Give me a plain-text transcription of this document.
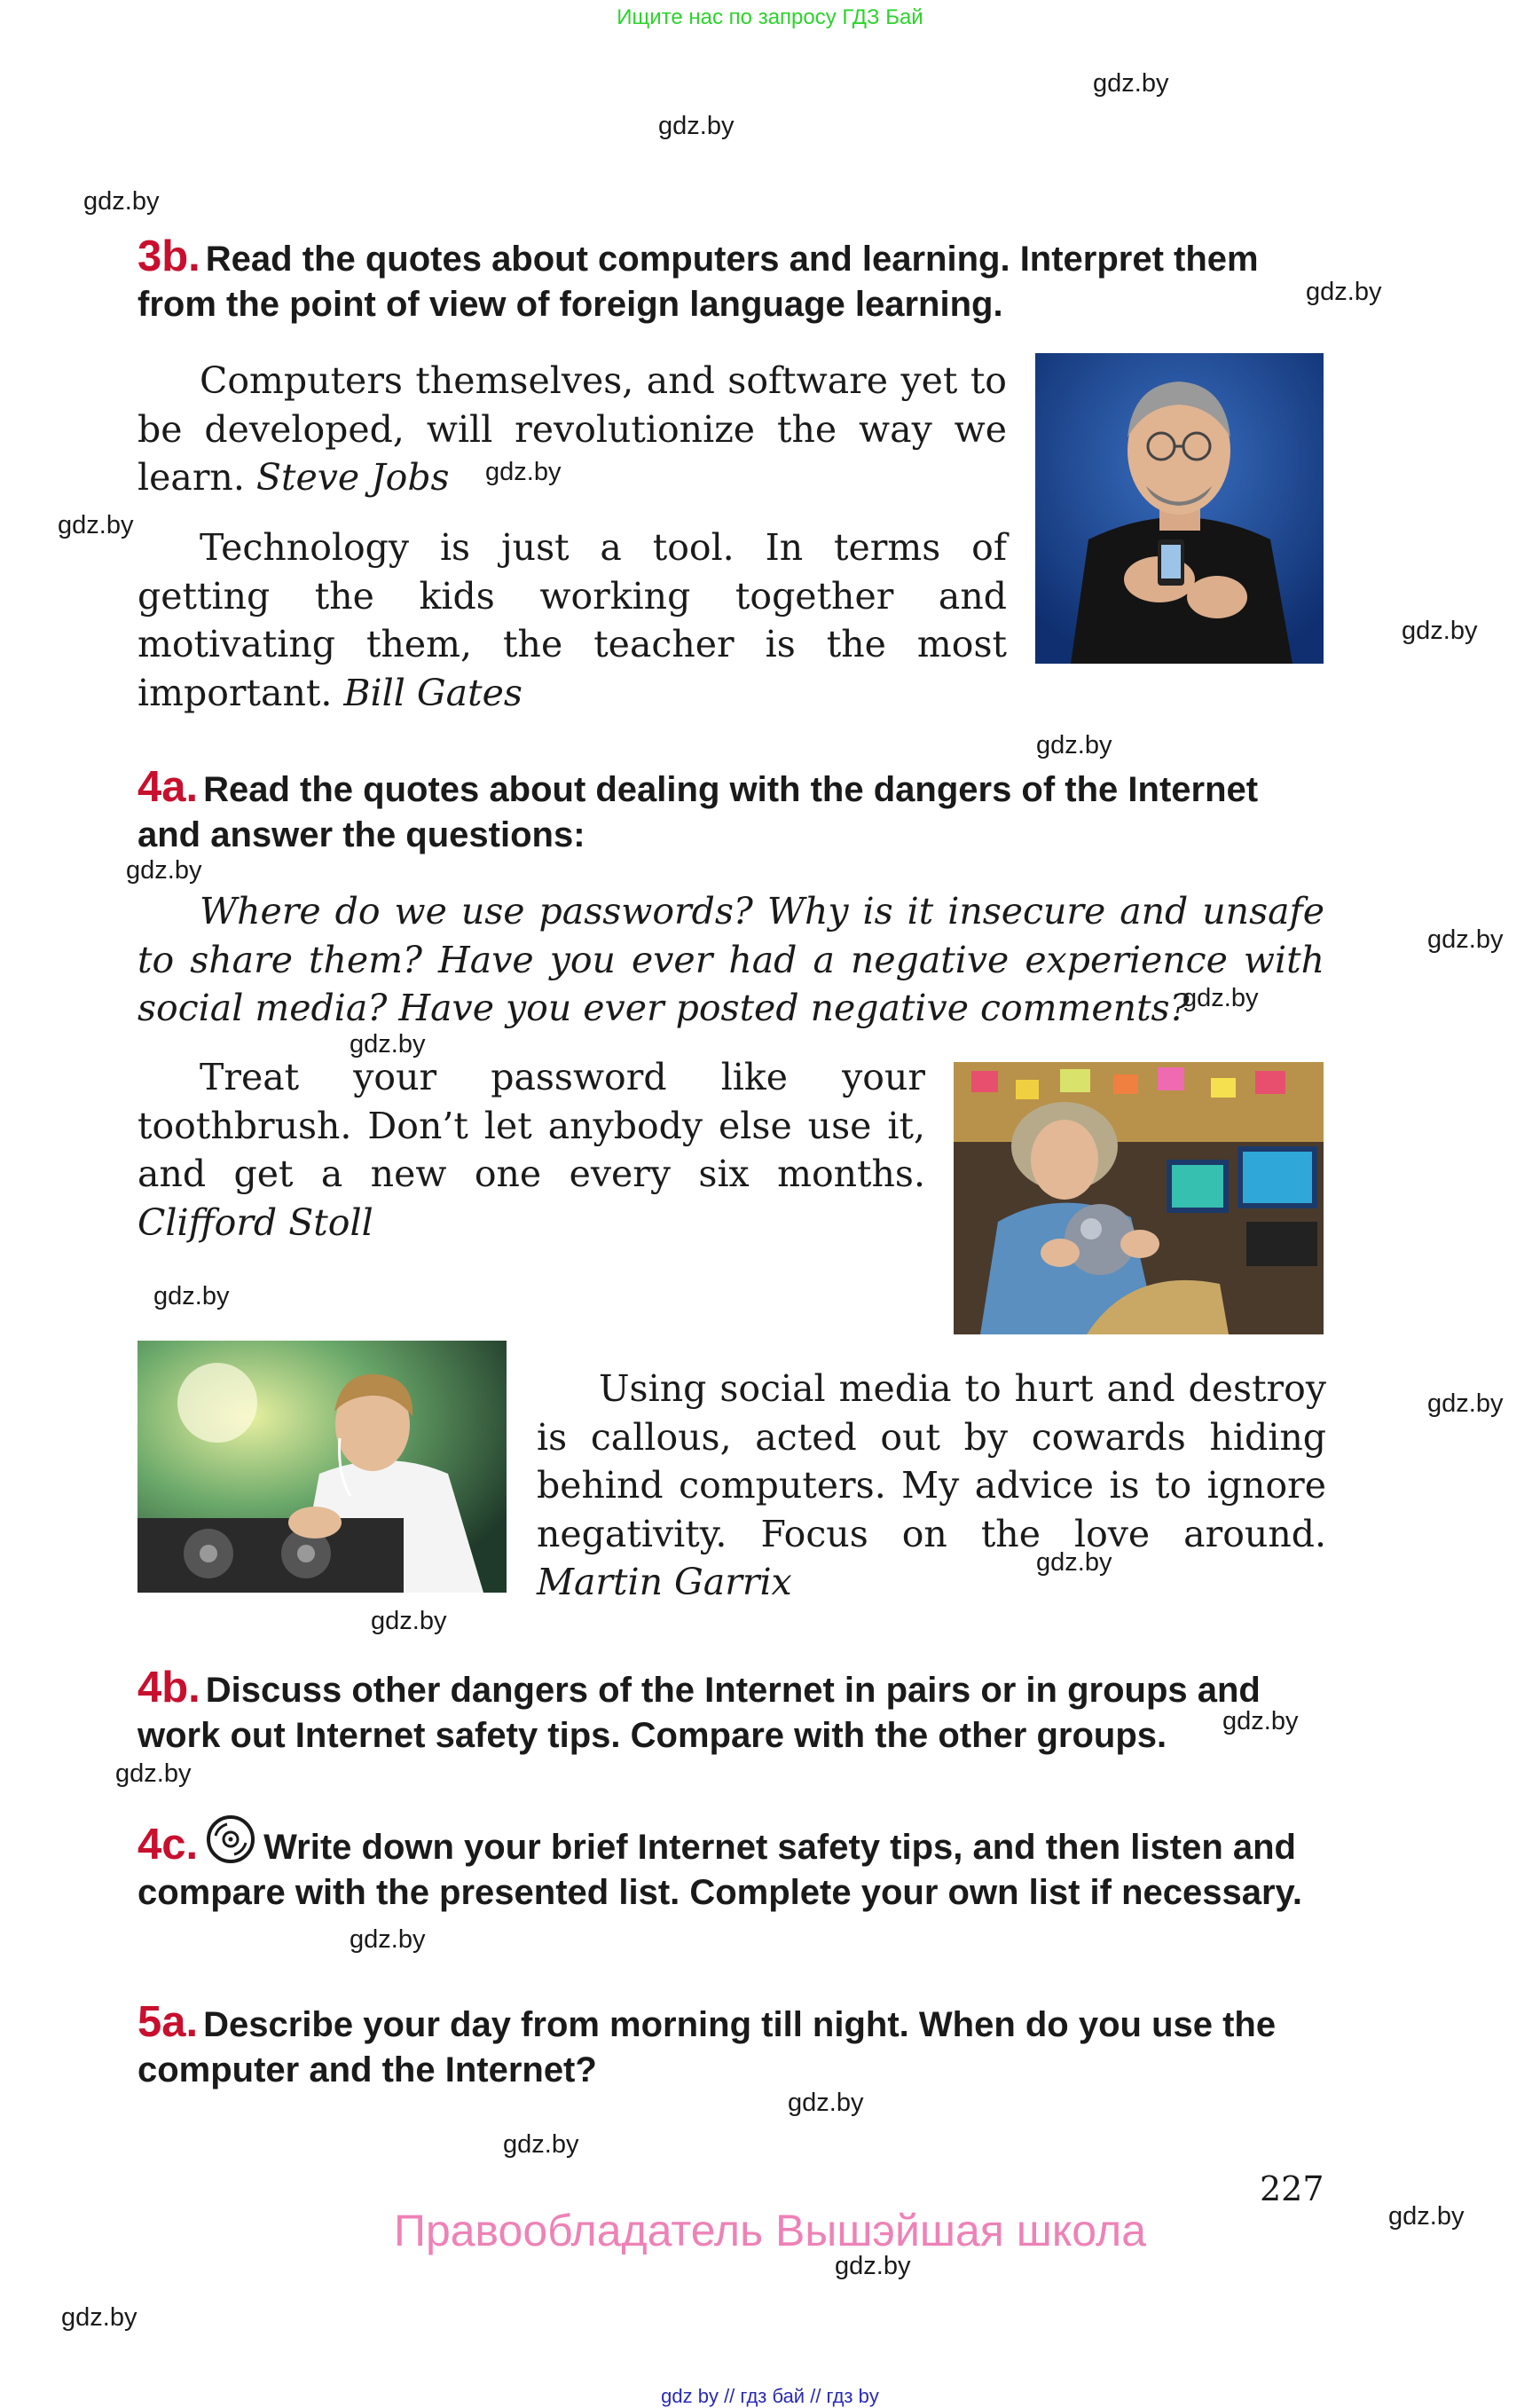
Ищите нас по запросу ГДЗ Бай
gdz.by
gdz.by
gdz.by
gdz.by
gdz.by
gdz.by
gdz.by
gdz.by
gdz.by
gdz.by
gdz.by
gdz.by
gdz.by
gdz.by
gdz.by
gdz.by
gdz.by
gdz.by
gdz.by
gdz.by
gdz.by
gdz.by
gdz.by
gdz.by
3b. Read the quotes about computers and learning. Interpret them from the point of view of foreign language learning.
Computers themselves, and software yet to be developed, will revolutionize the way we learn. Steve Jobs
Technology is just a tool. In terms of getting the kids working together and motivating them, the teacher is the most important. Bill Gates
4a. Read the quotes about dealing with the dangers of the Internet and answer the questions:
Where do we use passwords? Why is it insecure and unsafe to share them? Have you ever had a negative experience with social media? Have you ever posted negative comments?
Treat your password like your toothbrush. Don’t let anybody else use it, and get a new one every six months. Clifford Stoll
Using social media to hurt and destroy is callous, acted out by cowards hiding behind computers. My advice is to ignore negativity. Focus on the love around. Martin Garrix
4b. Discuss other dangers of the Internet in pairs or in groups and work out Internet safety tips. Compare with the other groups.
4c. Write down your brief Internet safety tips, and then listen and compare with the presented list. Complete your own list if necessary.
5a. Describe your day from morning till night. When do you use the computer and the Internet?
227
Правообладатель Вышэйшая школа
gdz by // гдз бай // гдз by
